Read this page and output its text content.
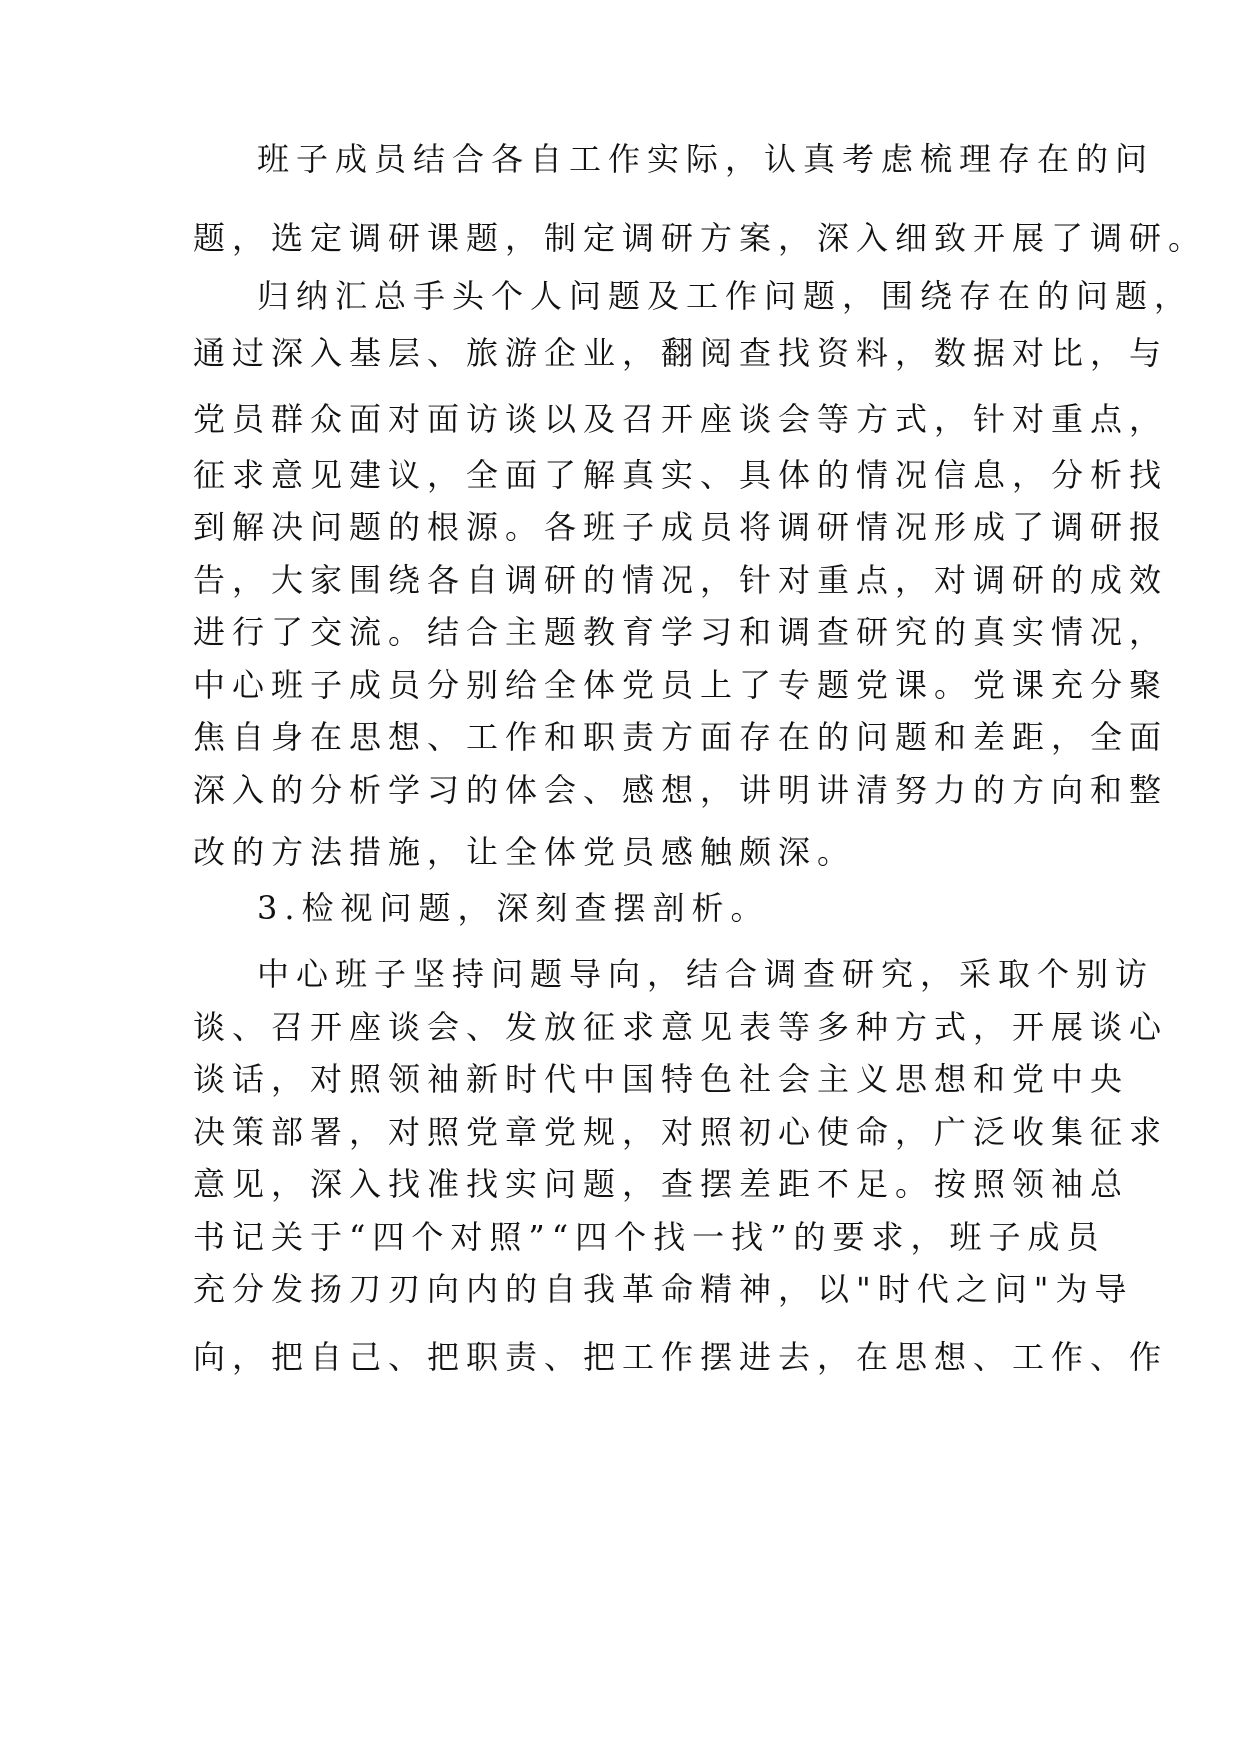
班子成员结合各自工作实际，认真考虑梳理存在的问
题，选定调研课题，制定调研方案，深入细致开展了调研。
归纳汇总手头个人问题及工作问题，围绕存在的问题，
通过深入基层、旅游企业，翻阅查找资料，数据对比，与
党员群众面对面访谈以及召开座谈会等方式，针对重点，
征求意见建议，全面了解真实、具体的情况信息，分析找
到解决问题的根源。各班子成员将调研情况形成了调研报
告，大家围绕各自调研的情况，针对重点，对调研的成效
进行了交流。结合主题教育学习和调查研究的真实情况，
中心班子成员分别给全体党员上了专题党课。党课充分聚
焦自身在思想、工作和职责方面存在的问题和差距，全面
深入的分析学习的体会、感想，讲明讲清努力的方向和整
改的方法措施，让全体党员感触颇深。
3.检视问题，深刻查摆剖析。
中心班子坚持问题导向，结合调查研究，采取个别访
谈、召开座谈会、发放征求意见表等多种方式，开展谈心
谈话，对照领袖新时代中国特色社会主义思想和党中央
决策部署，对照党章党规，对照初心使命，广泛收集征求
意见，深入找准找实问题，查摆差距不足。按照领袖总
书记关于“四个对照”“四个找一找”的要求，班子成员
充分发扬刀刃向内的自我革命精神，以"时代之问"为导
向，把自己、把职责、把工作摆进去，在思想、工作、作
